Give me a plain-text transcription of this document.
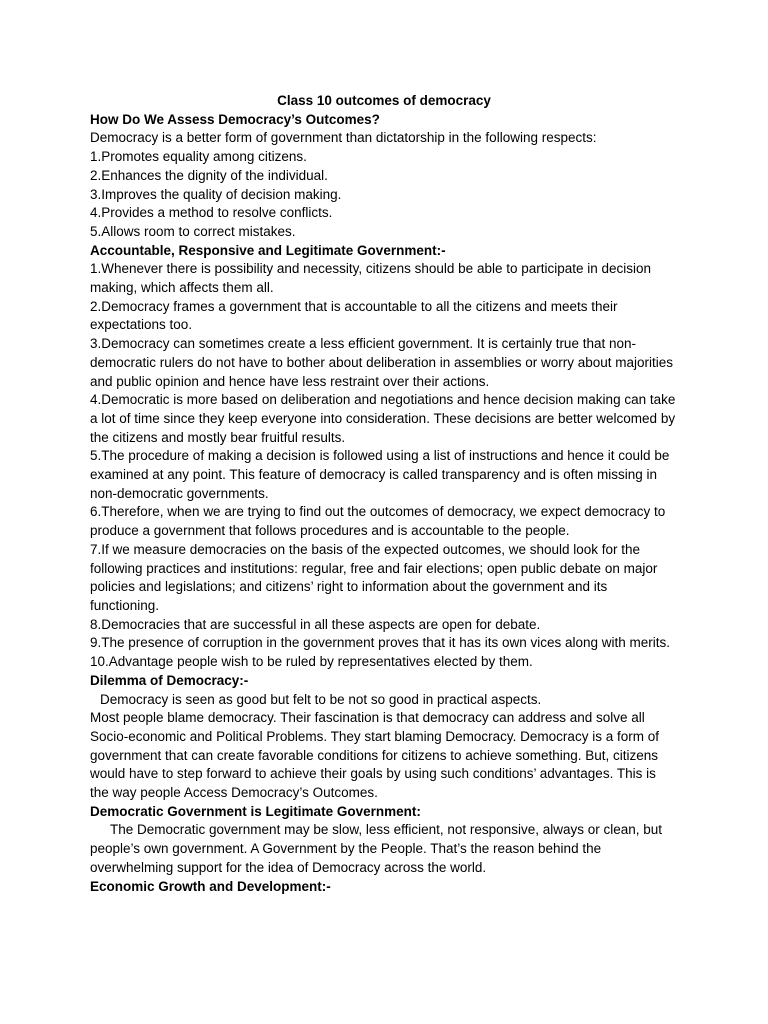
Class 10 outcomes of democracy
How Do We Assess Democracy’s Outcomes?

Democracy is a better form of government than dictatorship in the following respects:

1.Promotes equality among citizens.

2.Enhances the dignity of the individual.

3.Improves the quality of decision making.

4.Provides a method to resolve conflicts.

5.Allows room to correct mistakes.

Accountable, Responsive and Legitimate Government:-

1.Whenever there is possibility and necessity, citizens should be able to participate in decision making, which affects them all.

2.Democracy frames a government that is accountable to all the citizens and meets their expectations too.

3.Democracy can sometimes create a less efficient government. It is certainly true that non-democratic rulers do not have to bother about deliberation in assemblies or worry about majorities and public opinion and hence have less restraint over their actions.

4.Democratic is more based on deliberation and negotiations and hence decision making can take a lot of time since they keep everyone into consideration. These decisions are better welcomed by the citizens and mostly bear fruitful results.

5.The procedure of making a decision is followed using a list of instructions and hence it could be examined at any point. This feature of democracy is called transparency and is often missing in non-democratic governments.

6.Therefore, when we are trying to find out the outcomes of democracy, we expect democracy to produce a government that follows procedures and is accountable to the people.

7.If we measure democracies on the basis of the expected outcomes, we should look for the following practices and institutions: regular, free and fair elections; open public debate on major policies and legislations; and citizens’ right to information about the government and its functioning.

8.Democracies that are successful in all these aspects are open for debate.

9.The presence of corruption in the government proves that it has its own vices along with merits.

10.Advantage people wish to be ruled by representatives elected by them.

Dilemma of Democracy:-

Democracy is seen as good but felt to be not so good in practical aspects.

Most people blame democracy. Their fascination is that democracy can address and solve all Socio-economic and Political Problems. They start blaming Democracy. Democracy is a form of government that can create favorable conditions for citizens to achieve something. But, citizens would have to step forward to achieve their goals by using such conditions’ advantages. This is the way people Access Democracy’s Outcomes.

Democratic Government is Legitimate Government:

The Democratic government may be slow, less efficient, not responsive, always or clean, but people’s own government. A Government by the People. That’s the reason behind the overwhelming support for the idea of Democracy across the world.

Economic Growth and Development:-
